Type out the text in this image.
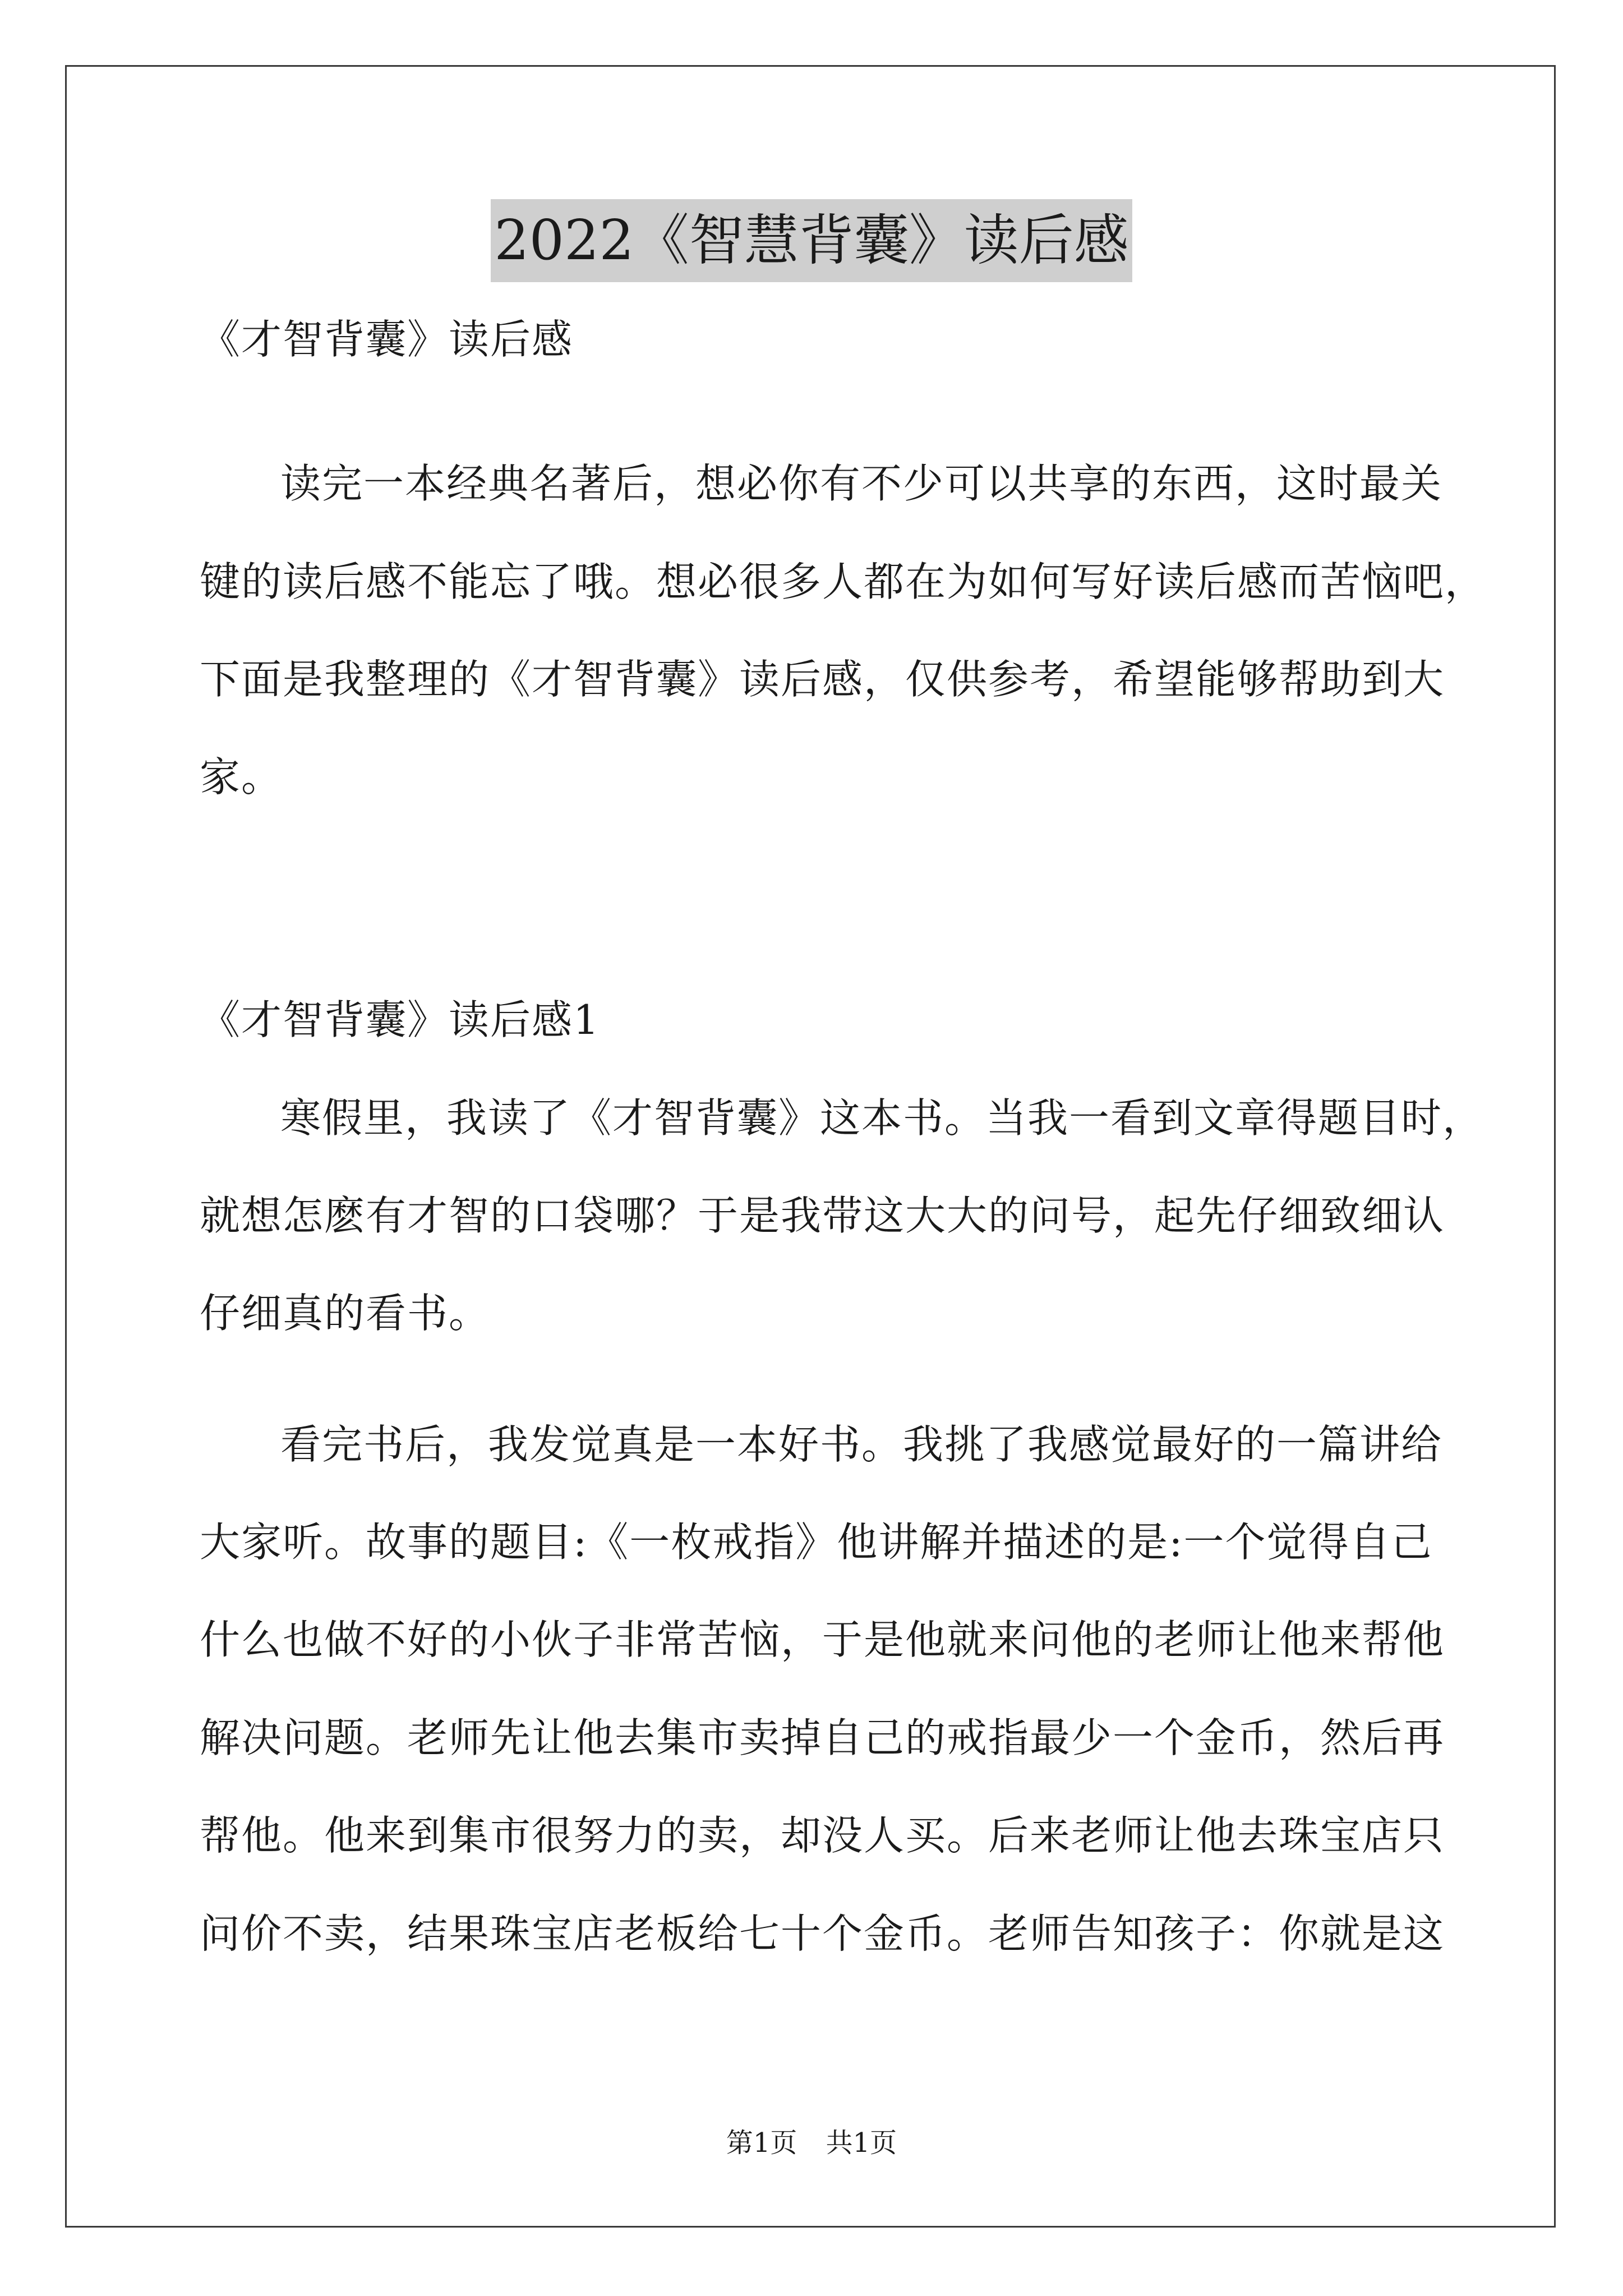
2022《智慧背囊》读后感
《才智背囊》读后感
读完一本经典名著后，想必你有不少可以共享的东西，这时最关
键的读后感不能忘了哦。想必很多人都在为如何写好读后感而苦恼吧，
下面是我整理的《才智背囊》读后感，仅供参考，希望能够帮助到大
家。
《才智背囊》读后感1
寒假里，我读了《才智背囊》这本书。当我一看到文章得题目时，
就想怎麽有才智的口袋哪？于是我带这大大的问号，起先仔细致细认
仔细真的看书。
看完书后，我发觉真是一本好书。我挑了我感觉最好的一篇讲给
大家听。故事的题目:《一枚戒指》他讲解并描述的是:一个觉得自己
什么也做不好的小伙子非常苦恼，于是他就来问他的老师让他来帮他
解决问题。老师先让他去集市卖掉自己的戒指最少一个金币，然后再
帮他。他来到集市很努力的卖，却没人买。后来老师让他去珠宝店只
问价不卖，结果珠宝店老板给七十个金币。老师告知孩子：你就是这
第1页 共1页
